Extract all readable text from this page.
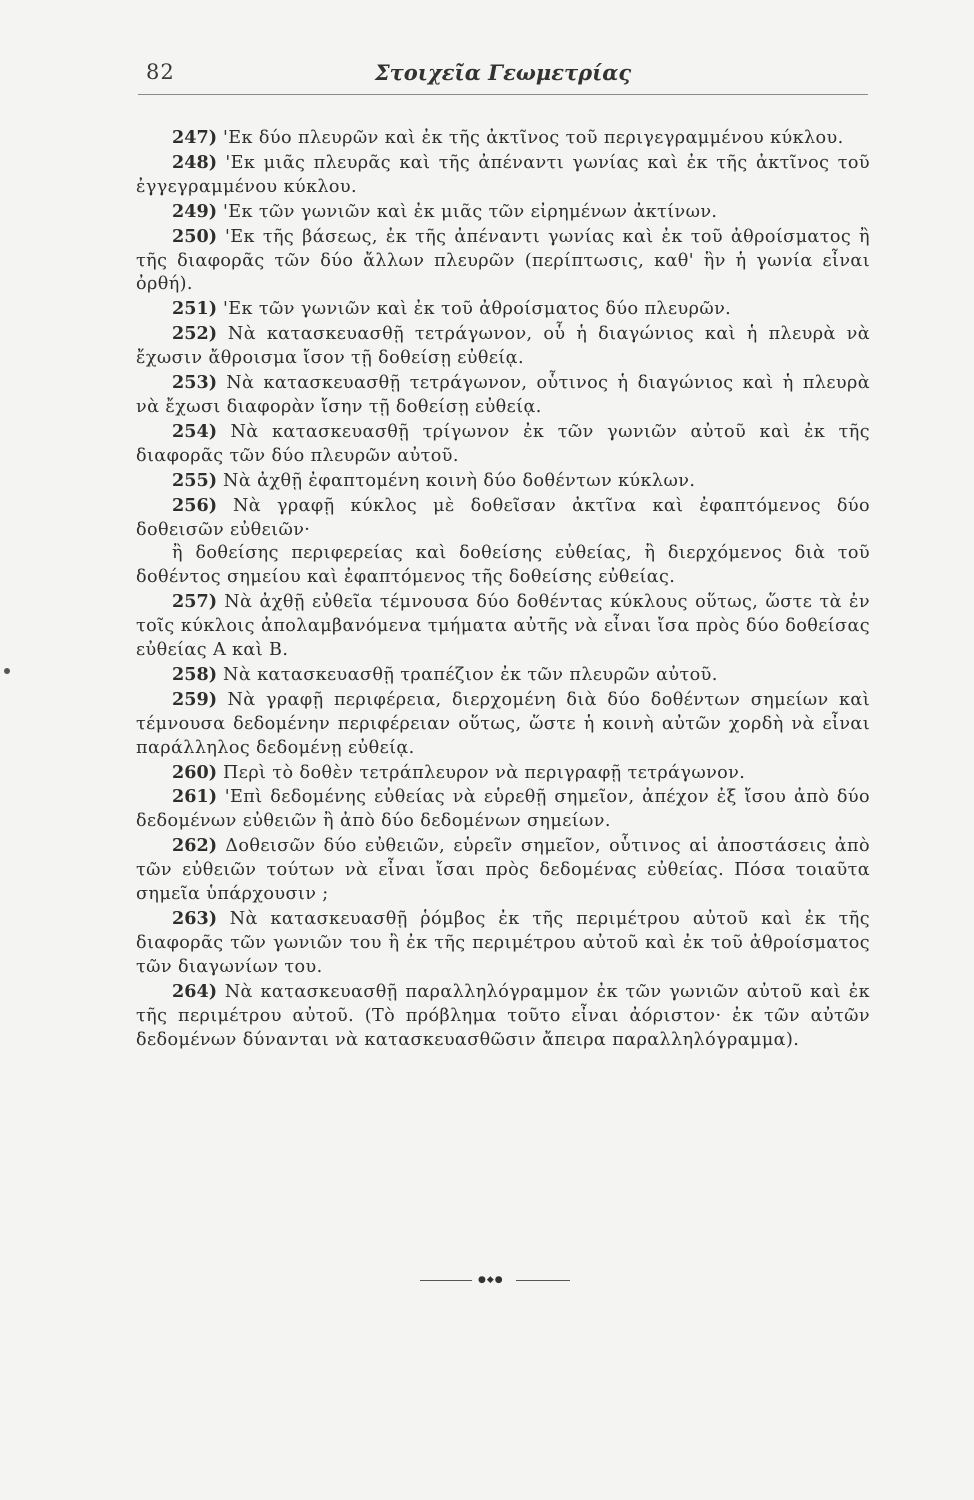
82	Στοιχεῖα Γεωμετρίας

247) 'Εκ δύο πλευρῶν καὶ ἐκ τῆς ἀκτῖνος τοῦ περιγεγραμμένου κύκλου.

248) 'Εκ μιᾶς πλευρᾶς καὶ τῆς ἀπέναντι γωνίας καὶ ἐκ τῆς ἀκτῖνος τοῦ ἐγγεγραμμένου κύκλου.

249) 'Εκ τῶν γωνιῶν καὶ ἐκ μιᾶς τῶν εἰρημένων ἀκτίνων.

250) 'Εκ τῆς βάσεως, ἐκ τῆς ἀπέναντι γωνίας καὶ ἐκ τοῦ ἀθροίσματος ἢ τῆς διαφορᾶς τῶν δύο ἄλλων πλευρῶν (περίπτωσις, καθ' ἣν ἡ γωνία εἶναι ὀρθή).

251) 'Εκ τῶν γωνιῶν καὶ ἐκ τοῦ ἀθροίσματος δύο πλευρῶν.

252) Νὰ κατασκευασθῇ τετράγωνον, οὗ ἡ διαγώνιος καὶ ἡ πλευρὰ νὰ ἔχωσιν ἄθροισμα ἴσον τῇ δοθείσῃ εὐθείᾳ.

253) Νὰ κατασκευασθῇ τετράγωνον, οὗτινος ἡ διαγώνιος καὶ ἡ πλευρὰ νὰ ἔχωσι διαφορὰν ἴσην τῇ δοθείσῃ εὐθείᾳ.

254) Νὰ κατασκευασθῇ τρίγωνον ἐκ τῶν γωνιῶν αὐτοῦ καὶ ἐκ τῆς διαφορᾶς τῶν δύο πλευρῶν αὐτοῦ.

255) Νὰ ἀχθῇ ἐφαπτομένη κοινὴ δύο δοθέντων κύκλων.

256) Νὰ γραφῇ κύκλος μὲ δοθεῖσαν ἀκτῖνα καὶ ἐφαπτόμενος δύο δοθεισῶν εὐθειῶν·

ἢ δοθείσης περιφερείας καὶ δοθείσης εὐθείας, ἢ διερχόμενος διὰ τοῦ δοθέντος σημείου καὶ ἐφαπτόμενος τῆς δοθείσης εὐθείας.

257) Νὰ ἀχθῇ εὐθεῖα τέμνουσα δύο δοθέντας κύκλους οὕτως, ὥστε τὰ ἐν τοῖς κύκλοις ἀπολαμβανόμενα τμήματα αὐτῆς νὰ εἶναι ἴσα πρὸς δύο δοθείσας εὐθείας Α καὶ Β.

258) Νὰ κατασκευασθῇ τραπέζιον ἐκ τῶν πλευρῶν αὐτοῦ.

259) Νὰ γραφῇ περιφέρεια, διερχομένη διὰ δύο δοθέντων σημείων καὶ τέμνουσα δεδομένην περιφέρειαν οὕτως, ὥστε ἡ κοινὴ αὐτῶν χορδὴ νὰ εἶναι παράλληλος δεδομένῃ εὐθείᾳ.

260) Περὶ τὸ δοθὲν τετράπλευρον νὰ περιγραφῇ τετράγωνον.

261) 'Επὶ δεδομένης εὐθείας νὰ εὑρεθῇ σημεῖον, ἀπέχον ἐξ ἴσου ἀπὸ δύο δεδομένων εὐθειῶν ἢ ἀπὸ δύο δεδομένων σημείων.

262) Δοθεισῶν δύο εὐθειῶν, εὑρεῖν σημεῖον, οὗτινος αἱ ἀποστάσεις ἀπὸ τῶν εὐθειῶν τούτων νὰ εἶναι ἴσαι πρὸς δεδομένας εὐθείας. Πόσα τοιαῦτα σημεῖα ὑπάρχουσιν ;

263) Νὰ κατασκευασθῇ ῥόμβος ἐκ τῆς περιμέτρου αὐτοῦ καὶ ἐκ τῆς διαφορᾶς τῶν γωνιῶν του ἢ ἐκ τῆς περιμέτρου αὐτοῦ καὶ ἐκ τοῦ ἀθροίσματος τῶν διαγωνίων του.

264) Νὰ κατασκευασθῇ παραλληλόγραμμον ἐκ τῶν γωνιῶν αὐτοῦ καὶ ἐκ τῆς περιμέτρου αὐτοῦ. (Τὸ πρόβλημα τοῦτο εἶναι ἀόριστον· ἐκ τῶν αὐτῶν δεδομένων δύνανται νὰ κατασκευασθῶσιν ἄπειρα παραλληλόγραμμα).

●◆●
